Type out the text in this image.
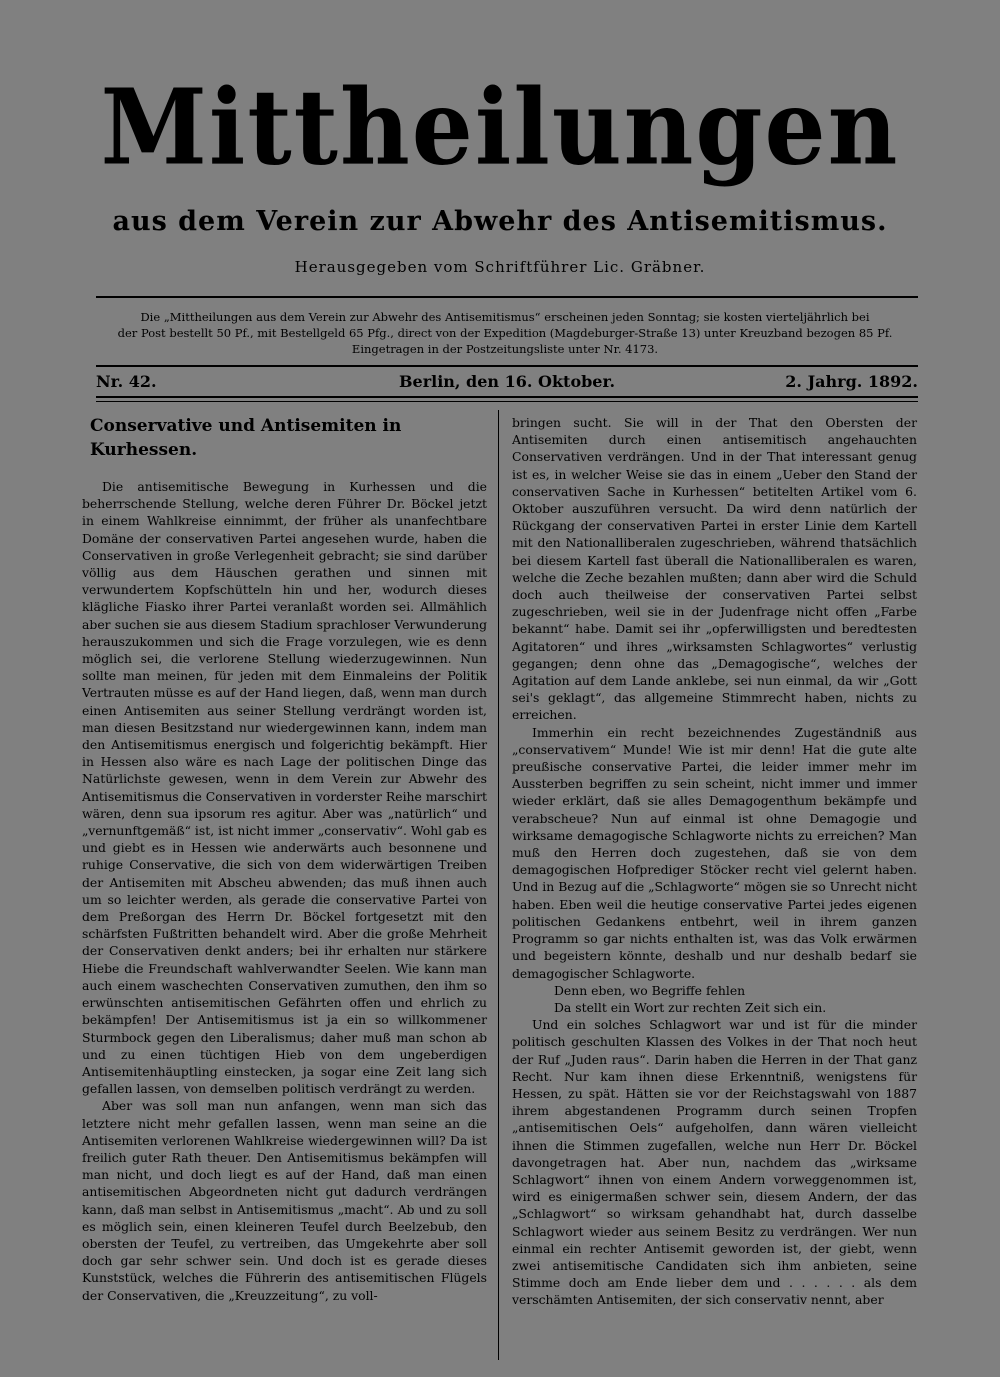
Mittheilungen
aus dem Verein zur Abwehr des Antisemitismus.
Herausgegeben vom Schriftführer Lic. Gräbner.
Die „Mittheilungen aus dem Verein zur Abwehr des Antisemitismus“ erscheinen jeden Sonntag; sie kosten vierteljährlich bei
der Post bestellt 50 Pf., mit Bestellgeld 65 Pfg., direct von der Expedition (Magdeburger-Straße 13) unter Kreuzband bezogen 85 Pf.
Eingetragen in der Postzeitungsliste unter Nr. 4173.
Nr. 42.	Berlin, den 16. Oktober.	2. Jahrg. 1892.
Conservative und Antisemiten in Kurhessen.

Die antisemitische Bewegung in Kurhessen und die beherrschende Stellung, welche deren Führer Dr. Böckel jetzt in einem Wahlkreise einnimmt, der früher als unanfechtbare Domäne der conservativen Partei angesehen wurde, haben die Conservativen in große Verlegenheit gebracht; sie sind darüber völlig aus dem Häuschen gerathen und sinnen mit verwundertem Kopfschütteln hin und her, wodurch dieses klägliche Fiasko ihrer Partei veranlaßt worden sei. Allmählich aber suchen sie aus diesem Stadium sprachloser Verwunderung herauszukommen und sich die Frage vorzulegen, wie es denn möglich sei, die verlorene Stellung wiederzugewinnen. Nun sollte man meinen, für jeden mit dem Einmaleins der Politik Vertrauten müsse es auf der Hand liegen, daß, wenn man durch einen Antisemiten aus seiner Stellung verdrängt worden ist, man diesen Besitzstand nur wiedergewinnen kann, indem man den Antisemitismus energisch und folgerichtig bekämpft. Hier in Hessen also wäre es nach Lage der politischen Dinge das Natürlichste gewesen, wenn in dem Verein zur Abwehr des Antisemitismus die Conservativen in vorderster Reihe marschirt wären, denn sua ipsorum res agitur. Aber was „natürlich“ und „vernunftgemäß“ ist, ist nicht immer „conservativ“. Wohl gab es und giebt es in Hessen wie anderwärts auch besonnene und ruhige Conservative, die sich von dem widerwärtigen Treiben der Antisemiten mit Abscheu abwenden; das muß ihnen auch um so leichter werden, als gerade die conservative Partei von dem Preßorgan des Herrn Dr. Böckel fortgesetzt mit den schärfsten Fußtritten behandelt wird. Aber die große Mehrheit der Conservativen denkt anders; bei ihr erhalten nur stärkere Hiebe die Freundschaft wahlverwandter Seelen. Wie kann man auch einem waschechten Conservativen zumuthen, den ihm so erwünschten antisemitischen Gefährten offen und ehrlich zu bekämpfen! Der Antisemitismus ist ja ein so willkommener Sturmbock gegen den Liberalismus; daher muß man schon ab und zu einen tüchtigen Hieb von dem ungeberdigen Antisemitenhäuptling einstecken, ja sogar eine Zeit lang sich gefallen lassen, von demselben politisch verdrängt zu werden.

Aber was soll man nun anfangen, wenn man sich das letztere nicht mehr gefallen lassen, wenn man seine an die Antisemiten verlorenen Wahlkreise wiedergewinnen will? Da ist freilich guter Rath theuer. Den Antisemitismus bekämpfen will man nicht, und doch liegt es auf der Hand, daß man einen antisemitischen Abgeordneten nicht gut dadurch verdrängen kann, daß man selbst in Antisemitismus „macht“. Ab und zu soll es möglich sein, einen kleineren Teufel durch Beelzebub, den obersten der Teufel, zu vertreiben, das Umgekehrte aber soll doch gar sehr schwer sein. Und doch ist es gerade dieses Kunststück, welches die Führerin des antisemitischen Flügels der Conservativen, die „Kreuzzeitung“, zu voll-

bringen sucht. Sie will in der That den Obersten der Antisemiten durch einen antisemitisch angehauchten Conservativen verdrängen. Und in der That interessant genug ist es, in welcher Weise sie das in einem „Ueber den Stand der conservativen Sache in Kurhessen“ betitelten Artikel vom 6. Oktober auszuführen versucht. Da wird denn natürlich der Rückgang der conservativen Partei in erster Linie dem Kartell mit den Nationalliberalen zugeschrieben, während thatsächlich bei diesem Kartell fast überall die Nationalliberalen es waren, welche die Zeche bezahlen mußten; dann aber wird die Schuld doch auch theilweise der conservativen Partei selbst zugeschrieben, weil sie in der Judenfrage nicht offen „Farbe bekannt“ habe. Damit sei ihr „opferwilligsten und beredtesten Agitatoren“ und ihres „wirksamsten Schlagwortes“ verlustig gegangen; denn ohne das „Demagogische“, welches der Agitation auf dem Lande anklebe, sei nun einmal, da wir „Gott sei's geklagt“, das allgemeine Stimmrecht haben, nichts zu erreichen.

Immerhin ein recht bezeichnendes Zugeständniß aus „conservativem“ Munde! Wie ist mir denn! Hat die gute alte preußische conservative Partei, die leider immer mehr im Aussterben begriffen zu sein scheint, nicht immer und immer wieder erklärt, daß sie alles Demagogenthum bekämpfe und verabscheue? Nun auf einmal ist ohne Demagogie und wirksame demagogische Schlagworte nichts zu erreichen? Man muß den Herren doch zugestehen, daß sie von dem demagogischen Hofprediger Stöcker recht viel gelernt haben. Und in Bezug auf die „Schlagworte“ mögen sie so Unrecht nicht haben. Eben weil die heutige conservative Partei jedes eigenen politischen Gedankens entbehrt, weil in ihrem ganzen Programm so gar nichts enthalten ist, was das Volk erwärmen und begeistern könnte, deshalb und nur deshalb bedarf sie demagogischer Schlagworte.

Denn eben, wo Begriffe fehlen

Da stellt ein Wort zur rechten Zeit sich ein.

Und ein solches Schlagwort war und ist für die minder politisch geschulten Klassen des Volkes in der That noch heut der Ruf „Juden raus“. Darin haben die Herren in der That ganz Recht. Nur kam ihnen diese Erkenntniß, wenigstens für Hessen, zu spät. Hätten sie vor der Reichstagswahl von 1887 ihrem abgestandenen Programm durch seinen Tropfen „antisemitischen Oels“ aufgeholfen, dann wären vielleicht ihnen die Stimmen zugefallen, welche nun Herr Dr. Böckel davongetragen hat. Aber nun, nachdem das „wirksame Schlagwort“ ihnen von einem Andern vorweggenommen ist, wird es einigermaßen schwer sein, diesem Andern, der das „Schlagwort“ so wirksam gehandhabt hat, durch dasselbe Schlagwort wieder aus seinem Besitz zu verdrängen. Wer nun einmal ein rechter Antisemit geworden ist, der giebt, wenn zwei antisemitische Candidaten sich ihm anbieten, seine Stimme doch am Ende lieber dem und . . . . . . als dem verschämten Antisemiten, der sich conservativ nennt, aber
